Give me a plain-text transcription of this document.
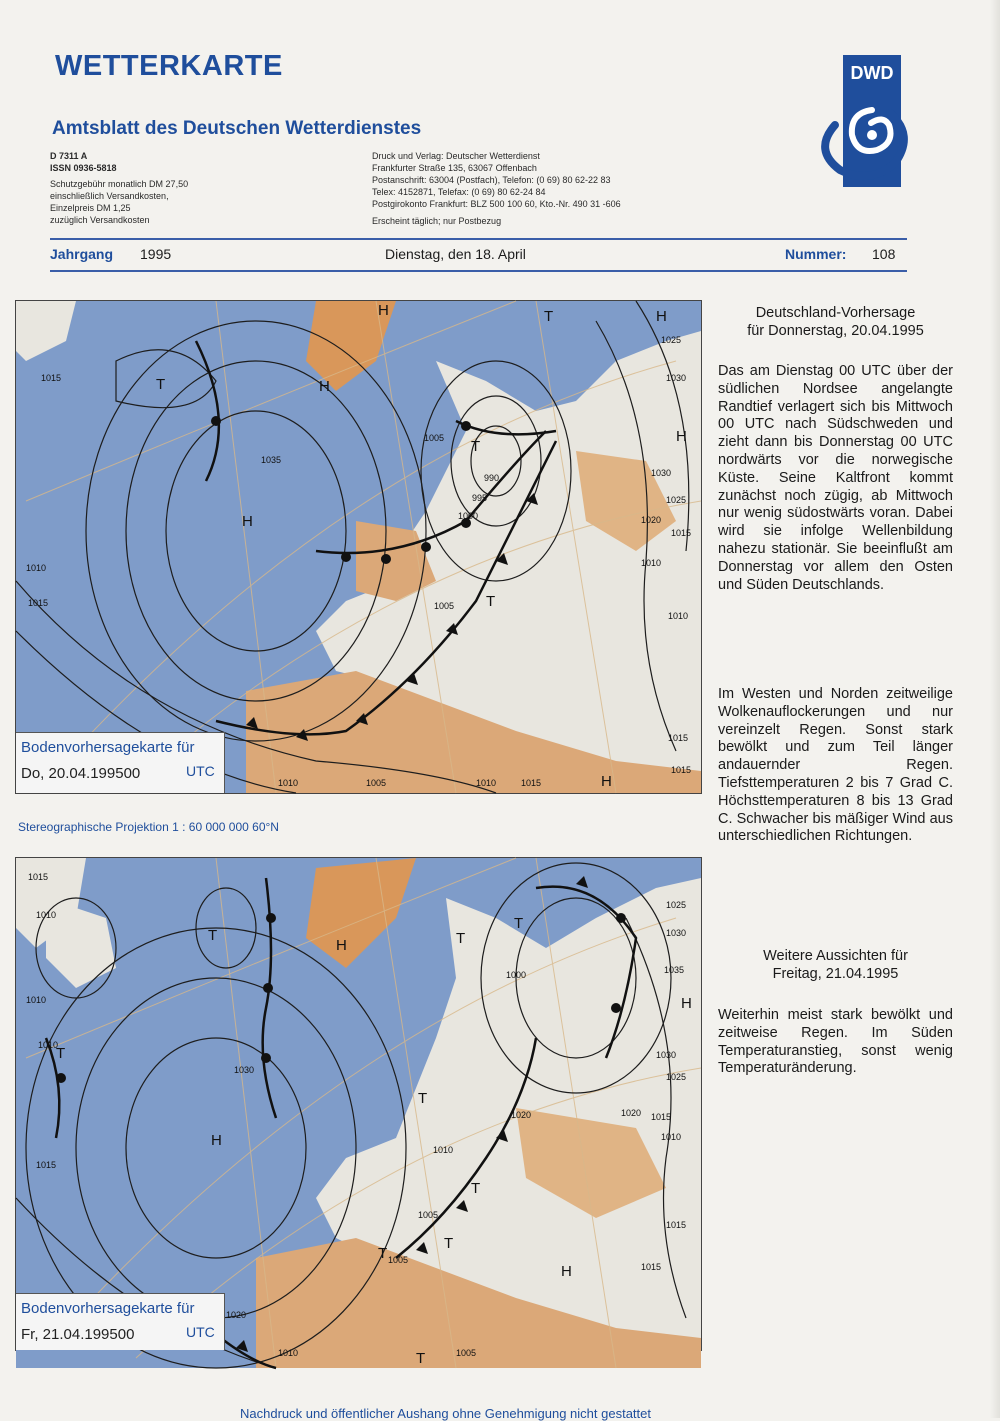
WETTERKARTE
Amtsblatt des Deutschen Wetterdienstes
D 7311 A
ISSN 0936-5818
Schutzgebühr monatlich DM 27,50
einschließlich Versandkosten,
Einzelpreis DM 1,25
zuzüglich Versandkosten
Druck und Verlag: Deutscher Wetterdienst
Frankfurter Straße 135, 63067 Offenbach
Postanschrift: 63004 (Postfach), Telefon: (0 69) 80 62-22 83
Telex: 4152871, Telefax: (0 69) 80 62-24 84
Postgirokonto Frankfurt: BLZ 500 100 60, Kto.-Nr. 490 31 -606
Erscheint täglich; nur Postbezug
DWD
Jahrgang 1995	Dienstag, den 18. April	Nummer: 108
1015
1035
1010
1015
1005
990
995
1000
1005
1025
1030
1030
1025
1020
1015
1010
1010
1015
1015
1010	1005	1010	1015
H
H
T
H
T
T
H
H
T	H
Bodenvorhersagekarte für
Do, 20.04.199500	UTC
Stereographische Projektion 1 : 60 000 000 60°N
1015
1010
1010
1010
1015
1030
1025
1030
1035
1030
1025
1020 1015
1010
1000
1020
1010
1005
1005
1015
1015
1020
1010	1005
T
H
T
H
T
T
T
T
H
T
T
T
H
Bodenvorhersagekarte für
Fr, 21.04.199500	UTC
Deutschland-Vorhersage
für Donnerstag, 20.04.1995
Das am Dienstag 00 UTC über der südlichen Nordsee angelangte Randtief verlagert sich bis Mittwoch 00 UTC nach Südschweden und zieht dann bis Donnerstag 00 UTC nordwärts vor die norwegische Küste. Seine Kaltfront kommt zunächst noch zügig, ab Mittwoch nur wenig südostwärts voran. Dabei wird sie infolge Wellenbildung nahezu stationär. Sie beeinflußt am Donnerstag vor allem den Osten und Süden Deutschlands.
Im Westen und Norden zeitweilige Wolkenauflockerungen und nur vereinzelt Regen. Sonst stark bewölkt und zum Teil länger andauernder Regen. Tiefsttemperaturen 2 bis 7 Grad C. Höchsttemperaturen 8 bis 13 Grad C. Schwacher bis mäßiger Wind aus unterschiedlichen Richtungen.
Weitere Aussichten für
Freitag, 21.04.1995
Weiterhin meist stark bewölkt und zeitweise Regen. Im Süden Temperaturanstieg, sonst wenig Temperaturänderung.
Nachdruck und öffentlicher Aushang ohne Genehmigung nicht gestattet
